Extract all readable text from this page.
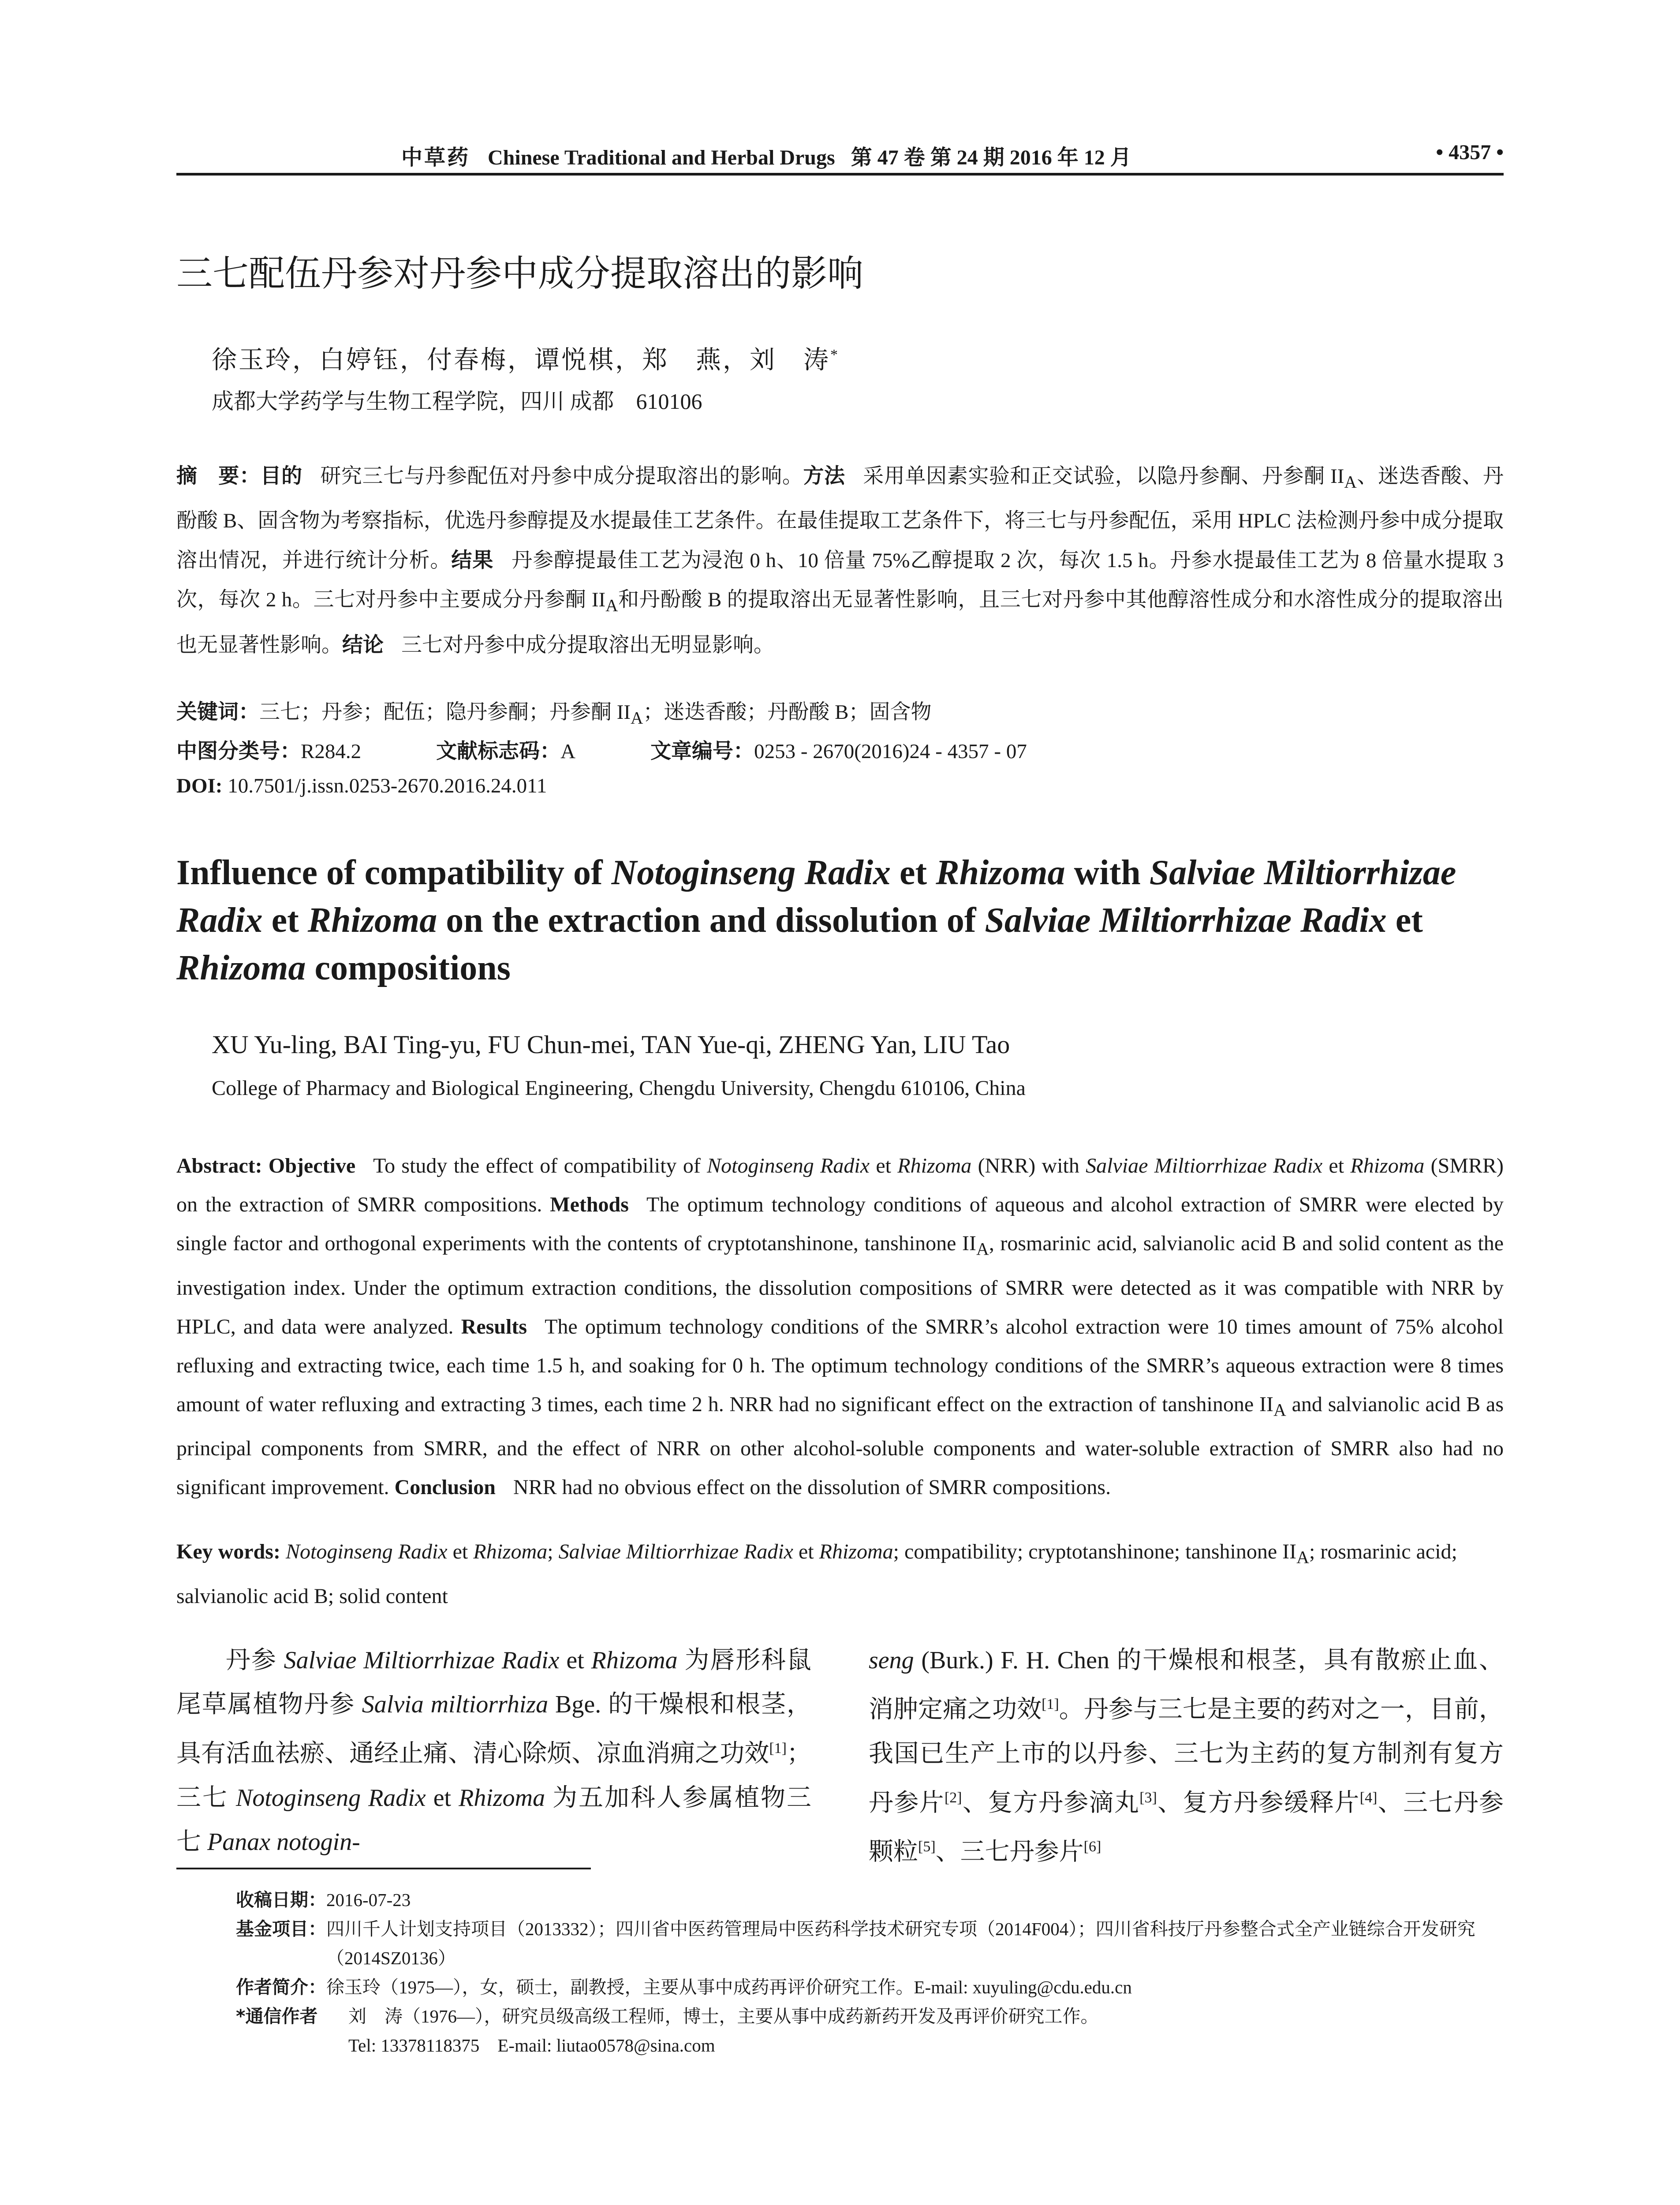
中草药 Chinese Traditional and Herbal Drugs 第 47 卷 第 24 期 2016 年 12 月	• 4357 •
三七配伍丹参对丹参中成分提取溶出的影响
徐玉玲，白婷钰，付春梅，谭悦棋，郑　燕，刘　涛*
成都大学药学与生物工程学院，四川 成都　610106
摘　要：目的 研究三七与丹参配伍对丹参中成分提取溶出的影响。方法 采用单因素实验和正交试验，以隐丹参酮、丹参酮 $II_A$、迷迭香酸、丹酚酸 B、固含物为考察指标，优选丹参醇提及水提最佳工艺条件。在最佳提取工艺条件下，将三七与丹参配伍，采用 HPLC 法检测丹参中成分提取溶出情况，并进行统计分析。结果 丹参醇提最佳工艺为浸泡 0 h、10 倍量 75%乙醇提取 2 次，每次 1.5 h。丹参水提最佳工艺为 8 倍量水提取 3 次，每次 2 h。三七对丹参中主要成分丹参酮 $II_A$和丹酚酸 B 的提取溶出无显著性影响，且三七对丹参中其他醇溶性成分和水溶性成分的提取溶出也无显著性影响。结论 三七对丹参中成分提取溶出无明显影响。
关键词：三七；丹参；配伍；隐丹参酮；丹参酮 $II_A$；迷迭香酸；丹酚酸 B；固含物
中图分类号：R284.2	文献标志码：A	文章编号：0253 - 2670(2016)24 - 4357 - 07
DOI: 10.7501/j.issn.0253-2670.2016.24.011
Influence of compatibility of Notoginseng Radix et Rhizoma with Salviae Miltiorrhizae Radix et Rhizoma on the extraction and dissolution of Salviae Miltiorrhizae Radix et Rhizoma compositions
XU Yu-ling, BAI Ting-yu, FU Chun-mei, TAN Yue-qi, ZHENG Yan, LIU Tao
College of Pharmacy and Biological Engineering, Chengdu University, Chengdu 610106, China
Abstract: Objective To study the effect of compatibility of Notoginseng Radix et Rhizoma (NRR) with Salviae Miltiorrhizae Radix et Rhizoma (SMRR) on the extraction of SMRR compositions. Methods The optimum technology conditions of aqueous and alcohol extraction of SMRR were elected by single factor and orthogonal experiments with the contents of cryptotanshinone, tanshinone $II_A$, rosmarinic acid, salvianolic acid B and solid content as the investigation index. Under the optimum extraction conditions, the dissolution compositions of SMRR were detected as it was compatible with NRR by HPLC, and data were analyzed. Results The optimum technology conditions of the SMRR’s alcohol extraction were 10 times amount of 75% alcohol refluxing and extracting twice, each time 1.5 h, and soaking for 0 h. The optimum technology conditions of the SMRR’s aqueous extraction were 8 times amount of water refluxing and extracting 3 times, each time 2 h. NRR had no significant effect on the extraction of tanshinone $II_A$ and salvianolic acid B as principal components from SMRR, and the effect of NRR on other alcohol-soluble components and water-soluble extraction of SMRR also had no significant improvement. Conclusion NRR had no obvious effect on the dissolution of SMRR compositions.
Key words: Notoginseng Radix et Rhizoma; Salviae Miltiorrhizae Radix et Rhizoma; compatibility; cryptotanshinone; tanshinone $II_A$; rosmarinic acid; salvianolic acid B; solid content
丹参 Salviae Miltiorrhizae Radix et Rhizoma 为唇形科鼠尾草属植物丹参 Salvia miltiorrhiza Bge. 的干燥根和根茎，具有活血祛瘀、通经止痛、清心除烦、凉血消痈之功效[1]；三七 Notoginseng Radix et Rhizoma 为五加科人参属植物三七 Panax notogin-
seng (Burk.) F. H. Chen 的干燥根和根茎，具有散瘀止血、消肿定痛之功效[1]。丹参与三七是主要的药对之一，目前，我国已生产上市的以丹参、三七为主药的复方制剂有复方丹参片[2]、复方丹参滴丸[3]、复方丹参缓释片[4]、三七丹参颗粒[5]、三七丹参片[6]
收稿日期： 2016-07-23
基金项目： 四川千人计划支持项目（2013332）；四川省中医药管理局中医药科学技术研究专项（2014F004）；四川省科技厅丹参整合式全产业链综合开发研究（2014SZ0136）
作者简介： 徐玉玲（1975—），女，硕士，副教授，主要从事中成药再评价研究工作。E-mail: xuyuling@cdu.edu.cn
*通信作者 刘　涛（1976—），研究员级高级工程师，博士，主要从事中成药新药开发及再评价研究工作。
Tel: 13378118375　E-mail: liutao0578@sina.com
